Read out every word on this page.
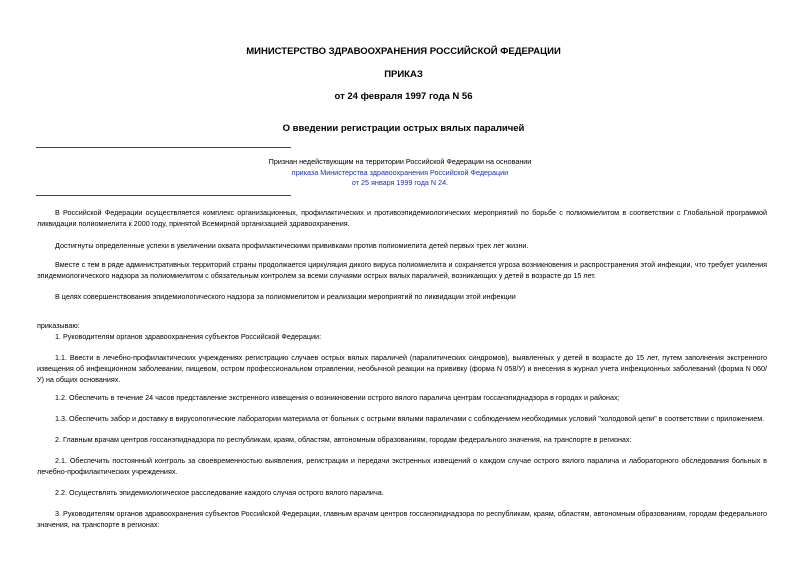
МИНИСТЕРСТВО ЗДРАВООХРАНЕНИЯ РОССИЙСКОЙ ФЕДЕРАЦИИ

ПРИКАЗ

от 24 февраля 1997 года N 56

О введении регистрации острых вялых параличей

Признан недействующим на территории Российской Федерации на основании
приказа Министерства здравоохранения Российской Федерации
от 25 января 1999 года N 24.

В Российской Федерации осуществляется комплекс организационных, профилактических и противоэпидемиологических мероприятий по борьбе с полиомиелитом в соответствии с Глобальной программой ликвидации полиомиелита к 2000 году, принятой Всемирной организацией здравоохранения.

Достигнуты определенные успехи в увеличении охвата профилактическими прививками против полиомиелита детей первых трех лет жизни.

Вместе с тем в ряде административных территорий страны продолжается циркуляция дикого вируса полиомиелита и сохраняется угроза возникновения и распространения этой инфекции, что требует усиления эпидемиологического надзора за полиомиелитом с обязательным контролем за всеми случаями острых вялых параличей, возникающих у детей в возрасте до 15 лет.

В целях совершенствования эпидемиологического надзора за полиомиелитом и реализации мероприятий по ликвидации этой инфекции

приказываю:

1. Руководителям органов здравоохранения субъектов Российской Федерации:

1.1. Ввести в лечебно-профилактических учреждениях регистрацию случаев острых вялых параличей (паралитических синдромов), выявленных у детей в возрасте до 15 лет, путем заполнения экстренного извещения об инфекционном заболевании, пищевом, остром профессиональном отравлении, необычной реакции на прививку (форма N 058/У) и внесения в журнал учета инфекционных заболеваний (форма N 060/У) на общих основаниях.

1.2. Обеспечить в течение 24 часов представление экстренного извещения о возникновении острого вялого паралича центрам госсанэпиднадзора в городах и районах;

1.3. Обеспечить забор и доставку в вирусологические лаборатории материала от больных с острыми вялыми параличами с соблюдением необходимых условий "холодовой цепи" в соответствии с приложением.

2. Главным врачам центров госсанэпиднадзора по республикам, краям, областям, автономным образованиям, городам федерального значения, на транспорте в регионах:

2.1. Обеспечить постоянный контроль за своевременностью выявления, регистрации и передачи экстренных извещений о каждом случае острого вялого паралича и лабораторного обследования больных в лечебно-профилактических учреждениях.

2.2. Осуществлять эпидемиологическое расследование каждого случая острого вялого паралича.

3. Руководителям органов здравоохранения субъектов Российской Федерации, главным врачам центров госсанэпиднадзора по республикам, краям, областям, автономным образованиям, городам федерального значения, на транспорте в регионах:
